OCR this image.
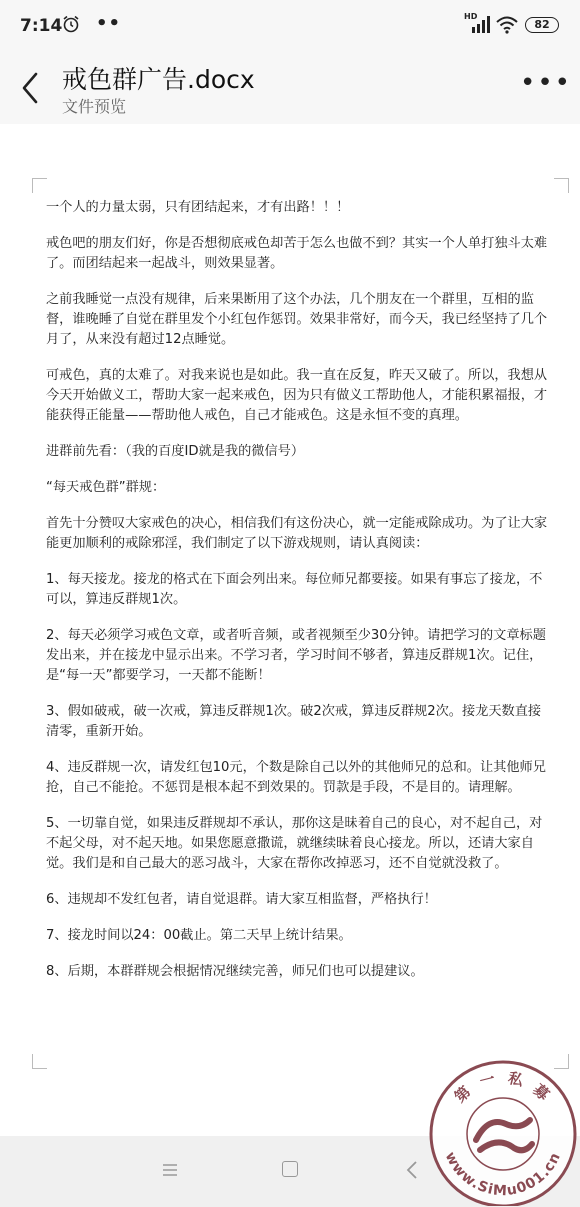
7:14 ••	HD
82
戒色群广告.docx
文件预览
•••

一个人的力量太弱，只有团结起来，才有出路！！！

戒色吧的朋友们好，你是否想彻底戒色却苦于怎么也做不到？其实一个人单打独斗太难了。而团结起来一起战斗，则效果显著。

之前我睡觉一点没有规律，后来果断用了这个办法，几个朋友在一个群里，互相的监督，谁晚睡了自觉在群里发个小红包作惩罚。效果非常好，而今天，我已经坚持了几个月了，从来没有超过12点睡觉。

可戒色，真的太难了。对我来说也是如此。我一直在反复，昨天又破了。所以，我想从今天开始做义工，帮助大家一起来戒色，因为只有做义工帮助他人，才能积累福报，才能获得正能量——帮助他人戒色，自己才能戒色。这是永恒不变的真理。

进群前先看：（我的百度ID就是我的微信号）

“每天戒色群”群规：

首先十分赞叹大家戒色的决心，相信我们有这份决心，就一定能戒除成功。为了让大家能更加顺利的戒除邪淫，我们制定了以下游戏规则，请认真阅读：

1、每天接龙。接龙的格式在下面会列出来。每位师兄都要接。如果有事忘了接龙，不可以，算违反群规1次。

2、每天必须学习戒色文章，或者听音频，或者视频至少30分钟。请把学习的文章标题发出来，并在接龙中显示出来。不学习者，学习时间不够者，算违反群规1次。记住，是“每一天”都要学习，一天都不能断！

3、假如破戒，破一次戒，算违反群规1次。破2次戒，算违反群规2次。接龙天数直接清零，重新开始。

4、违反群规一次，请发红包10元，个数是除自己以外的其他师兄的总和。让其他师兄抢，自己不能抢。不惩罚是根本起不到效果的。罚款是手段，不是目的。请理解。

5、一切靠自觉，如果违反群规却不承认，那你这是昧着自己的良心，对不起自己，对不起父母，对不起天地。如果您愿意撒谎，就继续昧着良心接龙。所以，还请大家自觉。我们是和自己最大的恶习战斗，大家在帮你改掉恶习，还不自觉就没救了。

6、违规却不发红包者，请自觉退群。请大家互相监督，严格执行！

7、接龙时间以24：00截止。第二天早上统计结果。

8、后期，本群群规会根据情况继续完善，师兄们也可以提建议。

第 一 私 募
www.SiMu001.cn
